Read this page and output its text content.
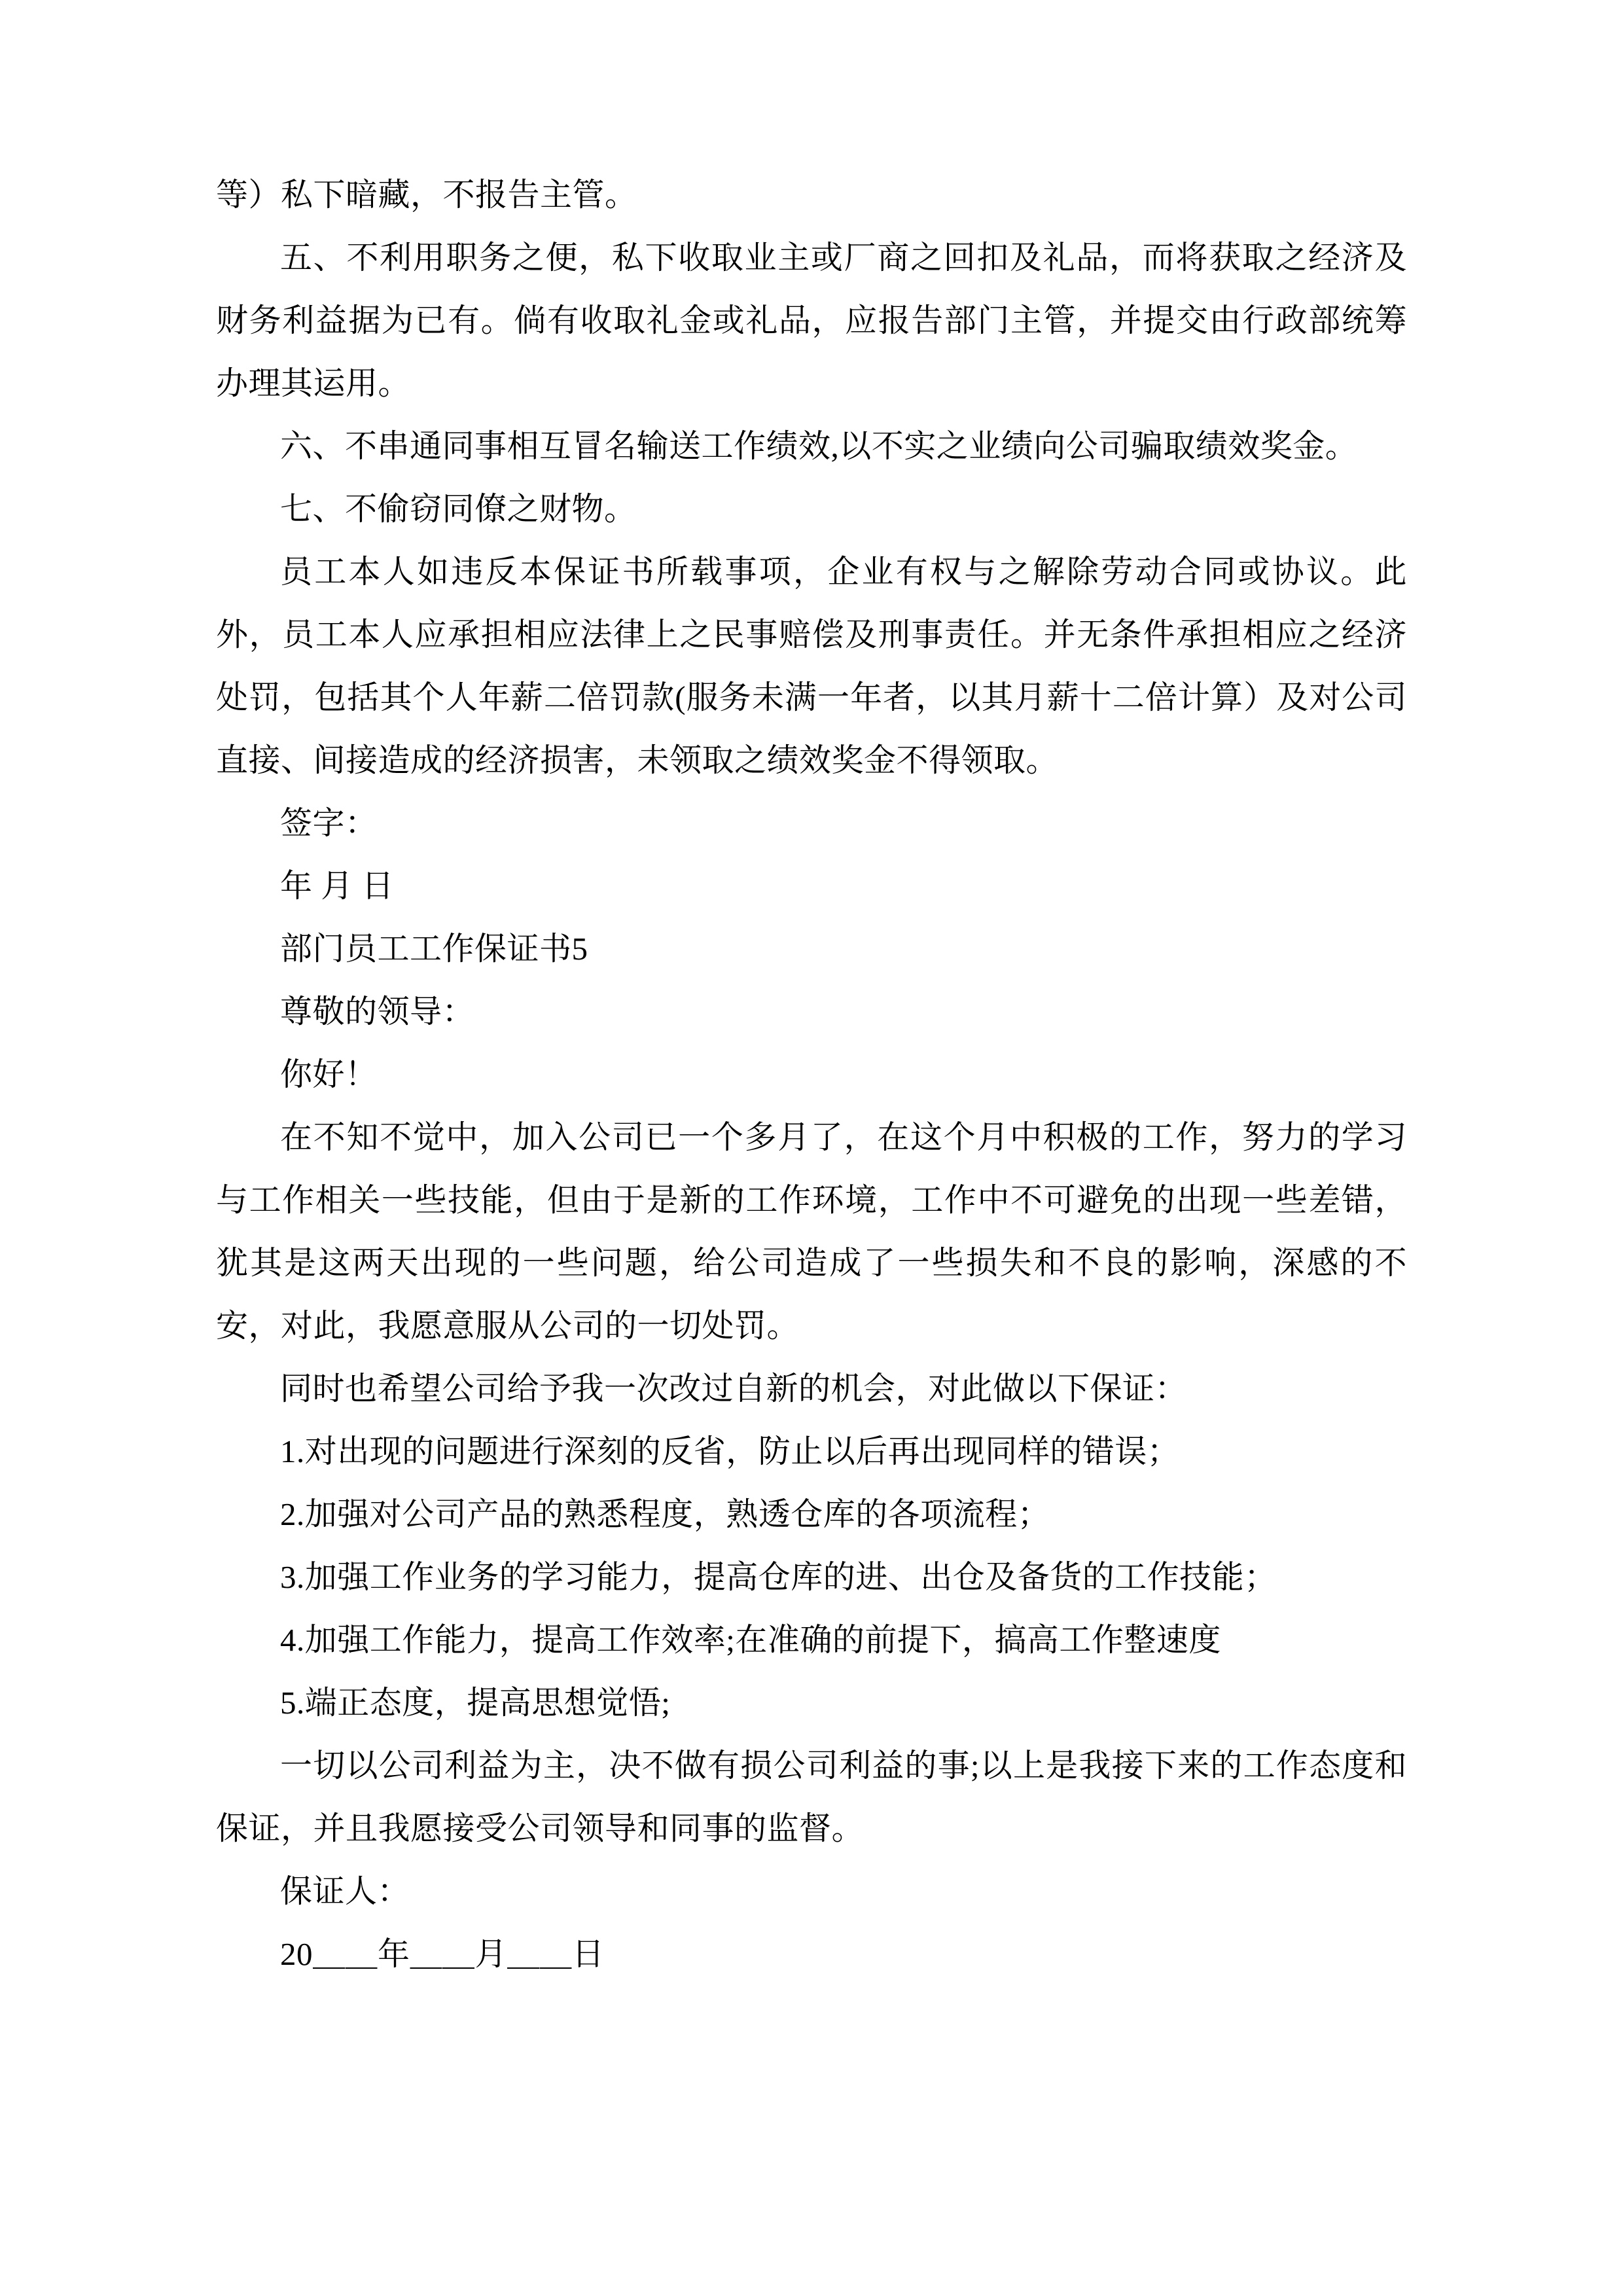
等）私下暗藏，不报告主管。

五、不利用职务之便，私下收取业主或厂商之回扣及礼品，而将获取之经济及 财务利益据为已有。倘有收取礼金或礼品，应报告部门主管，并提交由行政部统筹办理其运用。

六、不串通同事相互冒名输送工作绩效,以不实之业绩向公司骗取绩效奖金。

七、不偷窃同僚之财物。

员工本人如违反本保证书所载事项，企业有权与之解除劳动合同或协议。此外，员工本人应承担相应法律上之民事赔偿及刑事责任。并无条件承担相应之经济处罚，包括其个人年薪二倍罚款(服务未满一年者，以其月薪十二倍计算）及对公司直接、间接造成的经济损害，未领取之绩效奖金不得领取。

签字：

年 月 日

部门员工工作保证书5

尊敬的领导：

你好！

在不知不觉中，加入公司已一个多月了，在这个月中积极的工作，努力的学习与工作相关一些技能，但由于是新的工作环境，工作中不可避免的出现一些差错，犹其是这两天出现的一些问题，给公司造成了一些损失和不良的影响，深感的不安，对此，我愿意服从公司的一切处罚。

同时也希望公司给予我一次改过自新的机会，对此做以下保证：

1.对出现的问题进行深刻的反省，防止以后再出现同样的错误；

2.加强对公司产品的熟悉程度，熟透仓库的各项流程；

3.加强工作业务的学习能力，提高仓库的进、出仓及备货的工作技能；

4.加强工作能力，提高工作效率;在准确的前提下，搞高工作整速度

5.端正态度，提高思想觉悟;

一切以公司利益为主，决不做有损公司利益的事;以上是我接下来的工作态度和保证，并且我愿接受公司领导和同事的监督。

保证人：

20＿＿年＿＿月＿＿日
